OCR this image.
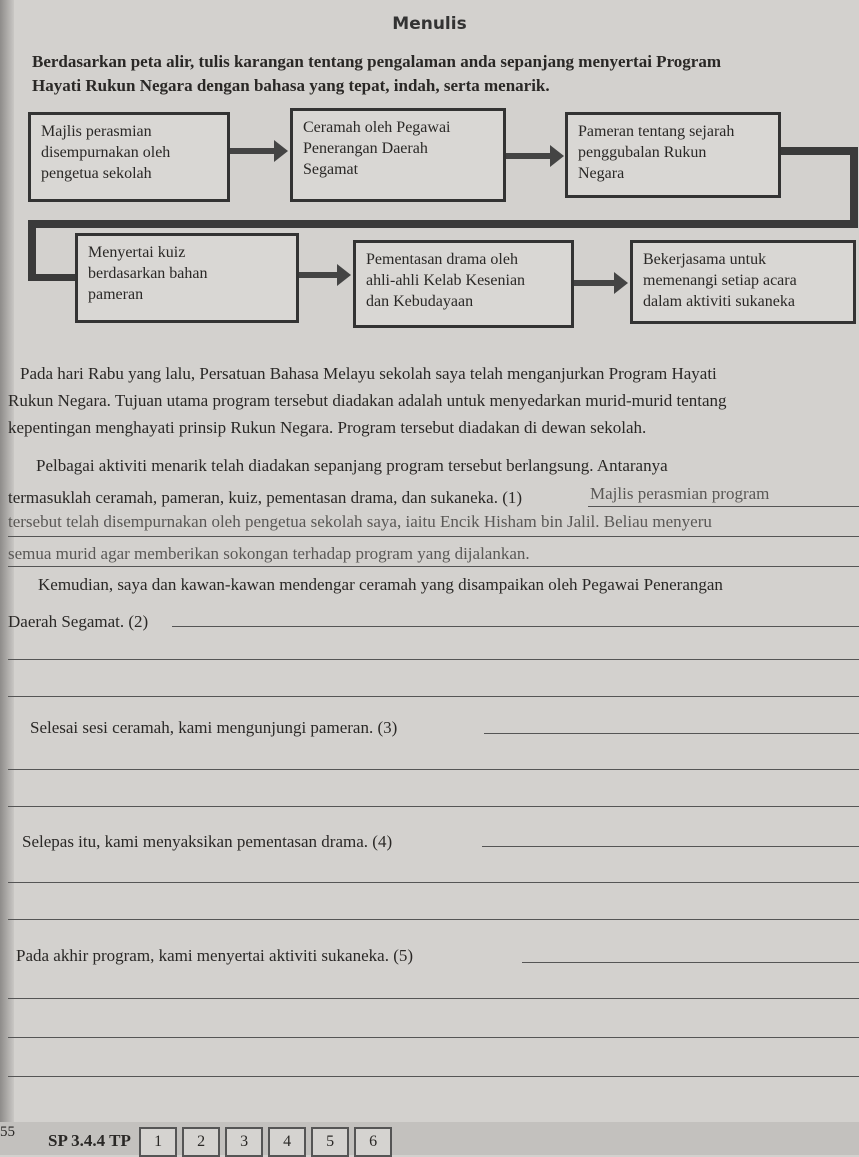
Menulis
Berdasarkan peta alir, tulis karangan tentang pengalaman anda sepanjang menyertai Program
Hayati Rukun Negara dengan bahasa yang tepat, indah, serta menarik.
Majlis perasmian
disempurnakan oleh
pengetua sekolah
Ceramah oleh Pegawai
Penerangan Daerah
Segamat
Pameran tentang sejarah
penggubalan Rukun
Negara
Menyertai kuiz
berdasarkan bahan
pameran
Pementasan drama oleh
ahli-ahli Kelab Kesenian
dan Kebudayaan
Bekerjasama untuk
memenangi setiap acara
dalam aktiviti sukaneka
Pada hari Rabu yang lalu, Persatuan Bahasa Melayu sekolah saya telah menganjurkan Program Hayati
Rukun Negara. Tujuan utama program tersebut diadakan adalah untuk menyedarkan murid-murid tentang
kepentingan menghayati prinsip Rukun Negara. Program tersebut diadakan di dewan sekolah.
Pelbagai aktiviti menarik telah diadakan sepanjang program tersebut berlangsung. Antaranya
termasuklah ceramah, pameran, kuiz, pementasan drama, dan sukaneka. (1)	Majlis perasmian program
tersebut telah disempurnakan oleh pengetua sekolah saya, iaitu Encik Hisham bin Jalil. Beliau menyeru
semua murid agar memberikan sokongan terhadap program yang dijalankan.
Kemudian, saya dan kawan-kawan mendengar ceramah yang disampaikan oleh Pegawai Penerangan
Daerah Segamat. (2)
Selesai sesi ceramah, kami mengunjungi pameran. (3)
Selepas itu, kami menyaksikan pementasan drama. (4)
Pada akhir program, kami menyertai aktiviti sukaneka. (5)
55 SP 3.4.4 TP 1 2 3 4 5 6
